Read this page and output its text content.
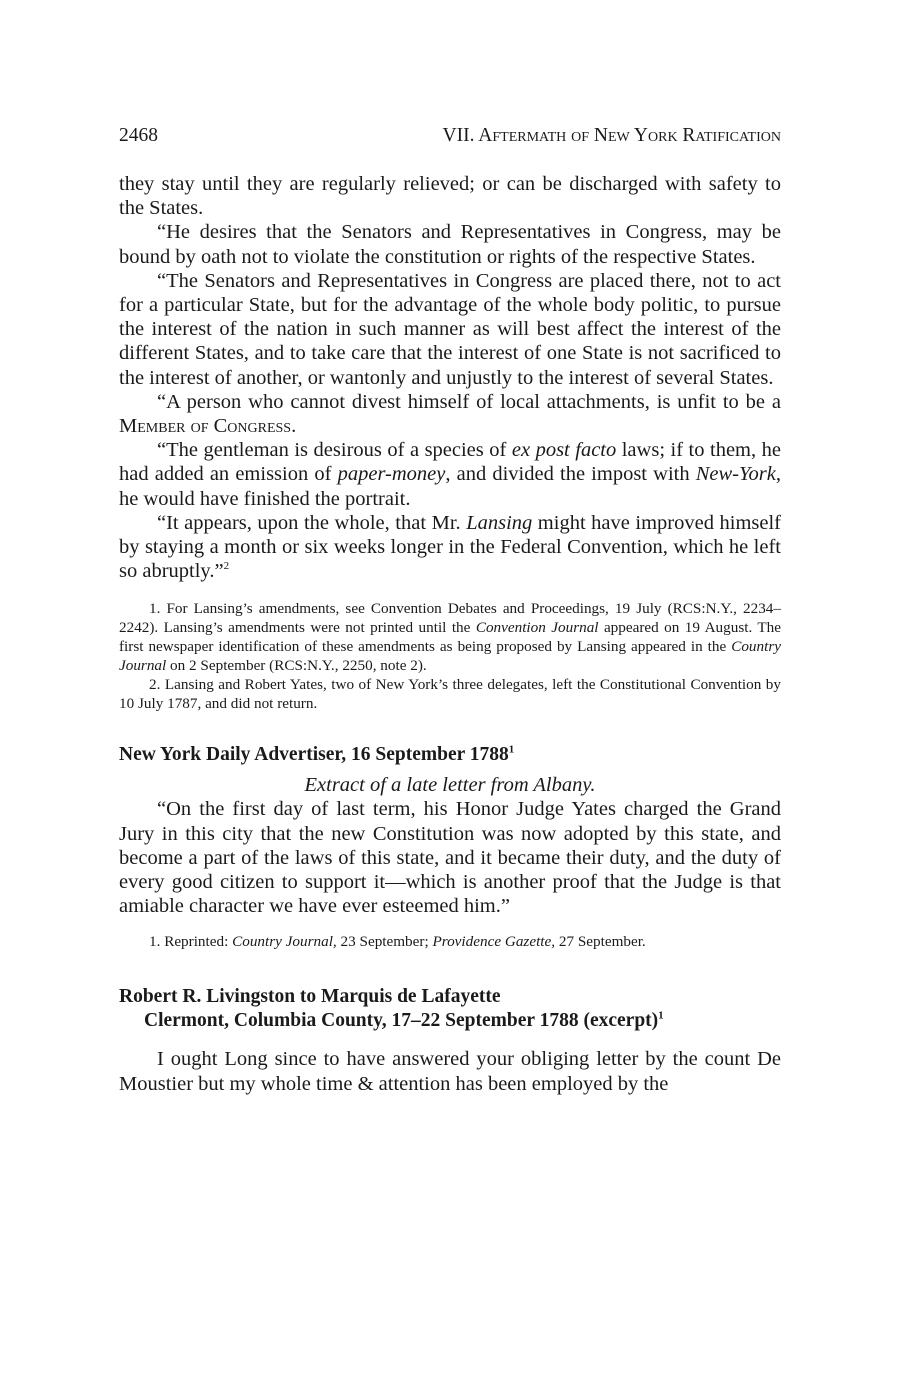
2468	VII. Aftermath of New York Ratification

they stay until they are regularly relieved; or can be discharged with safety to the States.

“He desires that the Senators and Representatives in Congress, may be bound by oath not to violate the constitution or rights of the respective States.

“The Senators and Representatives in Congress are placed there, not to act for a particular State, but for the advantage of the whole body politic, to pursue the interest of the nation in such manner as will best affect the interest of the different States, and to take care that the interest of one State is not sacrificed to the interest of another, or wantonly and unjustly to the interest of several States.

“A person who cannot divest himself of local attachments, is unfit to be a Member of Congress.

“The gentleman is desirous of a species of ex post facto laws; if to them, he had added an emission of paper-money, and divided the impost with New-York, he would have finished the portrait.

“It appears, upon the whole, that Mr. Lansing might have improved himself by staying a month or six weeks longer in the Federal Convention, which he left so abruptly.”$^2$

1. For Lansing’s amendments, see Convention Debates and Proceedings, 19 July (RCS:N.Y., 2234–2242). Lansing’s amendments were not printed until the Convention Journal appeared on 19 August. The first newspaper identification of these amendments as being proposed by Lansing appeared in the Country Journal on 2 September (RCS:N.Y., 2250, note 2).

2. Lansing and Robert Yates, two of New York’s three delegates, left the Constitutional Convention by 10 July 1787, and did not return.

New York Daily Advertiser, 16 September 1788$^1$

Extract of a late letter from Albany.

“On the first day of last term, his Honor Judge Yates charged the Grand Jury in this city that the new Constitution was now adopted by this state, and become a part of the laws of this state, and it became their duty, and the duty of every good citizen to support it—which is another proof that the Judge is that amiable character we have ever esteemed him.”

1. Reprinted: Country Journal, 23 September; Providence Gazette, 27 September.

Robert R. Livingston to Marquis de Lafayette

Clermont, Columbia County, 17–22 September 1788 (excerpt)$^1$

I ought Long since to have answered your obliging letter by the count De Moustier but my whole time & attention has been employed by the
